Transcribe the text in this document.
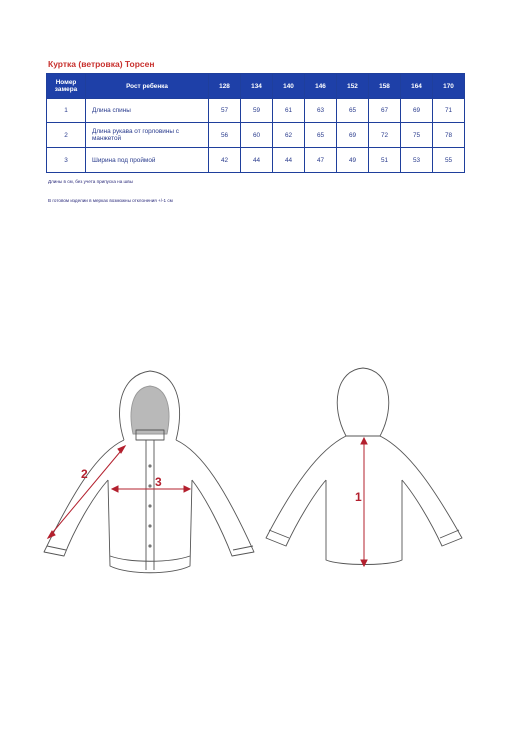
Куртка (ветровка) Торсен
Номер замера	Рост ребенка	128	134	140	146	152	158	164	170
1	Длина спины	57	59	61	63	65	67	69	71
2	Длина рукава от горловины с манжетой	56	60	62	65	69	72	75	78
3	Ширина под проймой	42	44	44	47	49	51	53	55
Длины в см, без учета припуска на швы
В готовом изделии в мерках возможны отклонения +/-1 см
2
3
1
